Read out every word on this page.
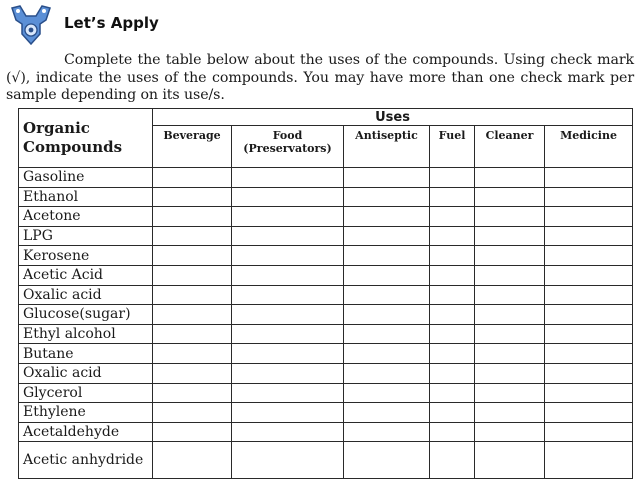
Let’s Apply

Complete the table below about the uses of the compounds. Using check mark (√), indicate the uses of the compounds. You may have more than one check mark per sample depending on its use/s.

Organic Compounds	Uses					
	Beverage	Food (Preservators)	Antiseptic	Fuel	Cleaner	Medicine
Gasoline						
Ethanol						
Acetone						
LPG						
Kerosene						
Acetic Acid						
Oxalic acid						
Glucose(sugar)						
Ethyl alcohol						
Butane						
Oxalic acid						
Glycerol						
Ethylene						
Acetaldehyde						
Acetic anhydride						
